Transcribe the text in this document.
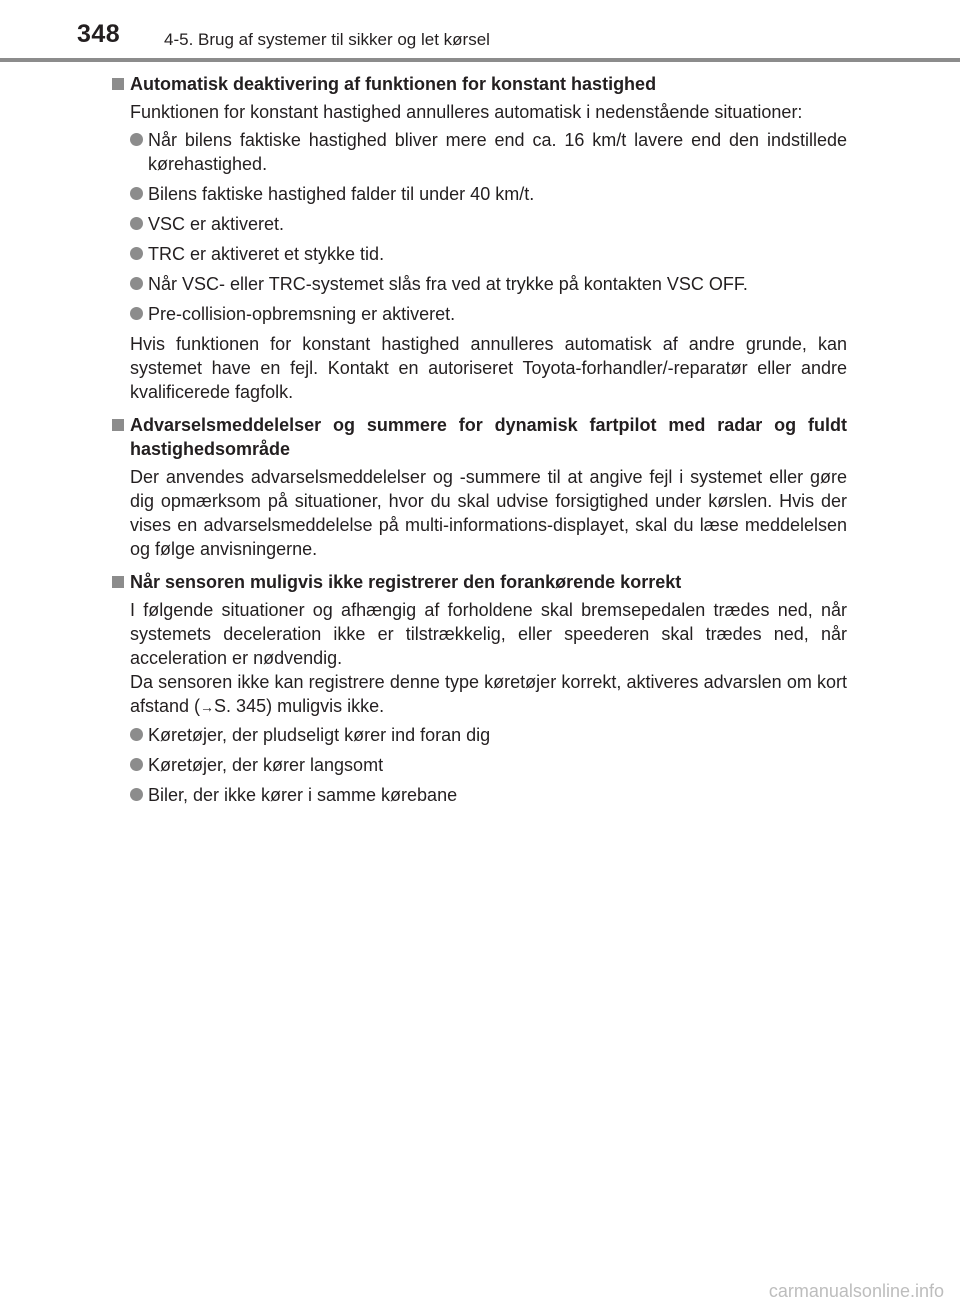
348	4-5. Brug af systemer til sikker og let kørsel
Automatisk deaktivering af funktionen for konstant hastighed

Funktionen for konstant hastighed annulleres automatisk i nedenstående situationer:

Når bilens faktiske hastighed bliver mere end ca. 16 km/t lavere end den indstillede kørehastighed.
Bilens faktiske hastighed falder til under 40 km/t.
VSC er aktiveret.
TRC er aktiveret et stykke tid.
Når VSC- eller TRC-systemet slås fra ved at trykke på kontakten VSC OFF.
Pre-collision-opbremsning er aktiveret.

Hvis funktionen for konstant hastighed annulleres automatisk af andre grunde, kan systemet have en fejl. Kontakt en autoriseret Toyota-forhandler/-reparatør eller andre kvalificerede fagfolk.

Advarselsmeddelelser og summere for dynamisk fartpilot med radar og fuldt hastighedsområde

Der anvendes advarselsmeddelelser og -summere til at angive fejl i systemet eller gøre dig opmærksom på situationer, hvor du skal udvise forsigtighed under kørslen. Hvis der vises en advarselsmeddelelse på multi-informations-displayet, skal du læse meddelelsen og følge anvisningerne.

Når sensoren muligvis ikke registrerer den forankørende korrekt

I følgende situationer og afhængig af forholdene skal bremsepedalen trædes ned, når systemets deceleration ikke er tilstrækkelig, eller speederen skal trædes ned, når acceleration er nødvendig.

Da sensoren ikke kan registrere denne type køretøjer korrekt, aktiveres advarslen om kort afstand (→S. 345) muligvis ikke.

Køretøjer, der pludseligt kører ind foran dig
Køretøjer, der kører langsomt
Biler, der ikke kører i samme kørebane
carmanualsonline.info
